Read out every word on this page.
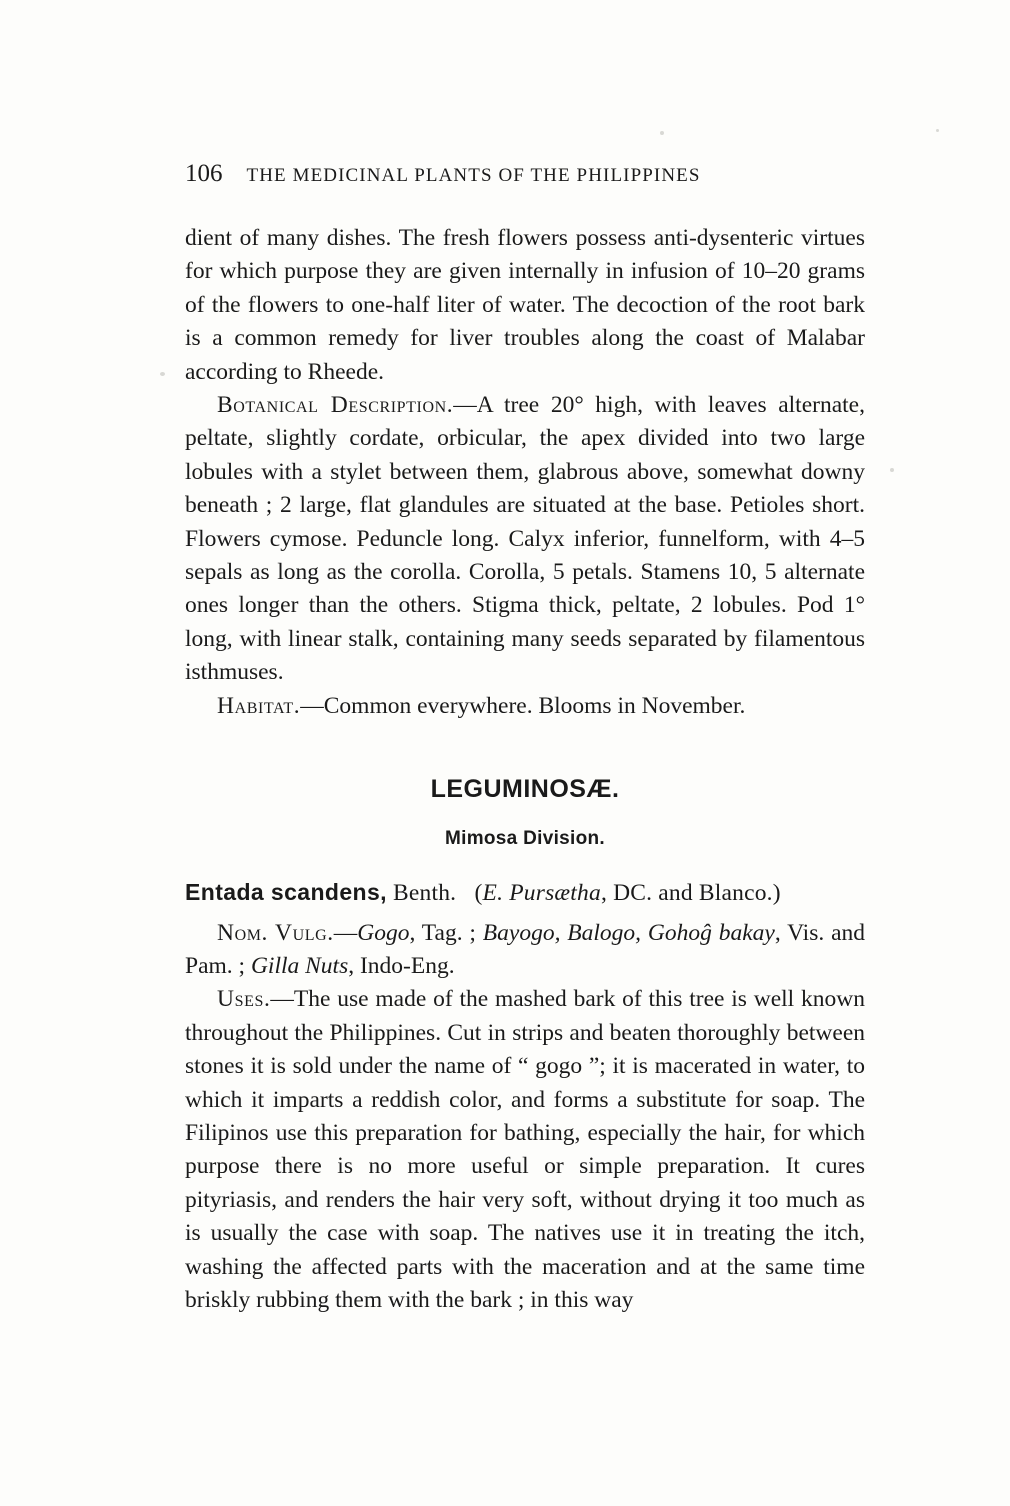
106 THE MEDICINAL PLANTS OF THE PHILIPPINES

dient of many dishes. The fresh flowers possess anti-dysenteric virtues for which purpose they are given internally in infusion of 10–20 grams of the flowers to one-half liter of water. The decoction of the root bark is a common remedy for liver troubles along the coast of Malabar according to Rheede.

Botanical Description.—A tree 20° high, with leaves alternate, peltate, slightly cordate, orbicular, the apex divided into two large lobules with a stylet between them, glabrous above, somewhat downy beneath ; 2 large, flat glandules are situated at the base. Petioles short. Flowers cymose. Peduncle long. Calyx inferior, funnelform, with 4–5 sepals as long as the corolla. Corolla, 5 petals. Stamens 10, 5 alternate ones longer than the others. Stigma thick, peltate, 2 lobules. Pod 1° long, with linear stalk, containing many seeds separated by filamentous isthmuses.

Habitat.—Common everywhere. Blooms in November.

LEGUMINOSÆ.
Mimosa Division.
Entada scandens, Benth. (E. Pursætha, DC. and Blanco.)

Nom. Vulg.—Gogo, Tag. ; Bayogo, Balogo, Gohoĝ bakay, Vis. and Pam. ; Gilla Nuts, Indo-Eng.

Uses.—The use made of the mashed bark of this tree is well known throughout the Philippines. Cut in strips and beaten thoroughly between stones it is sold under the name of “ gogo ”; it is macerated in water, to which it imparts a reddish color, and forms a substitute for soap. The Filipinos use this preparation for bathing, especially the hair, for which purpose there is no more useful or simple preparation. It cures pityriasis, and renders the hair very soft, without drying it too much as is usually the case with soap. The natives use it in treating the itch, washing the affected parts with the maceration and at the same time briskly rubbing them with the bark ; in this way
